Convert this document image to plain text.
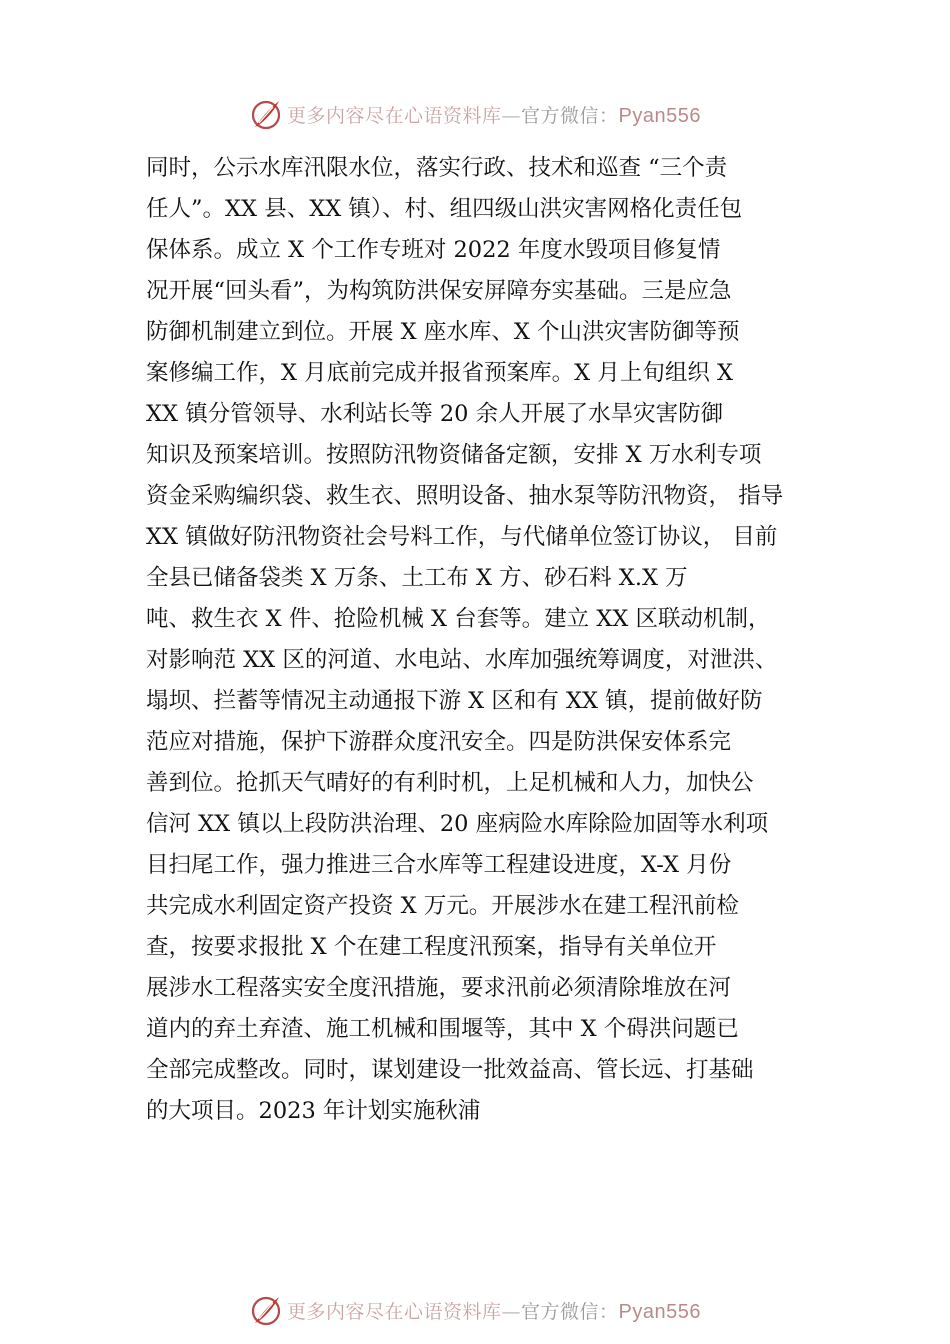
更多内容尽在心语资料库—官方微信：Pyan556
同时，公示水库汛限水位，落实行政、技术和巡查 “三个责
任人”。XX 县、XX 镇）、村、组四级山洪灾害网格化责任包
保体系。成立 X 个工作专班对 2022 年度水毁项目修复情
况开展“回头看”，为构筑防洪保安屏障夯实基础。三是应急
防御机制建立到位。开展 X 座水库、X 个山洪灾害防御等预
案修编工作，X 月底前完成并报省预案库。X 月上旬组织 X
XX 镇分管领导、水利站长等 20 余人开展了水旱灾害防御
知识及预案培训。按照防汛物资储备定额，安排 X 万水利专项
资金采购编织袋、救生衣、照明设备、抽水泵等防汛物资， 指导
XX 镇做好防汛物资社会号料工作，与代储单位签订协议， 目前
全县已储备袋类 X 万条、土工布 X 方、砂石料 X.X 万
吨、救生衣 X 件、抢险机械 X 台套等。建立 XX 区联动机制，
对影响范 XX 区的河道、水电站、水库加强统筹调度，对泄洪、
塌坝、拦蓄等情况主动通报下游 X 区和有 XX 镇，提前做好防
范应对措施，保护下游群众度汛安全。四是防洪保安体系完
善到位。抢抓天气晴好的有利时机，上足机械和人力，加快公
信河 XX 镇以上段防洪治理、20 座病险水库除险加固等水利项
目扫尾工作，强力推进三合水库等工程建设进度，X-X 月份
共完成水利固定资产投资 X 万元。开展涉水在建工程汛前检
查，按要求报批 X 个在建工程度汛预案，指导有关单位开
展涉水工程落实安全度汛措施，要求汛前必须清除堆放在河
道内的弃土弃渣、施工机械和围堰等，其中 X 个碍洪问题已
全部完成整改。同时，谋划建设一批效益高、管长远、打基础
的大项目。2023 年计划实施秋浦
更多内容尽在心语资料库—官方微信：Pyan556
